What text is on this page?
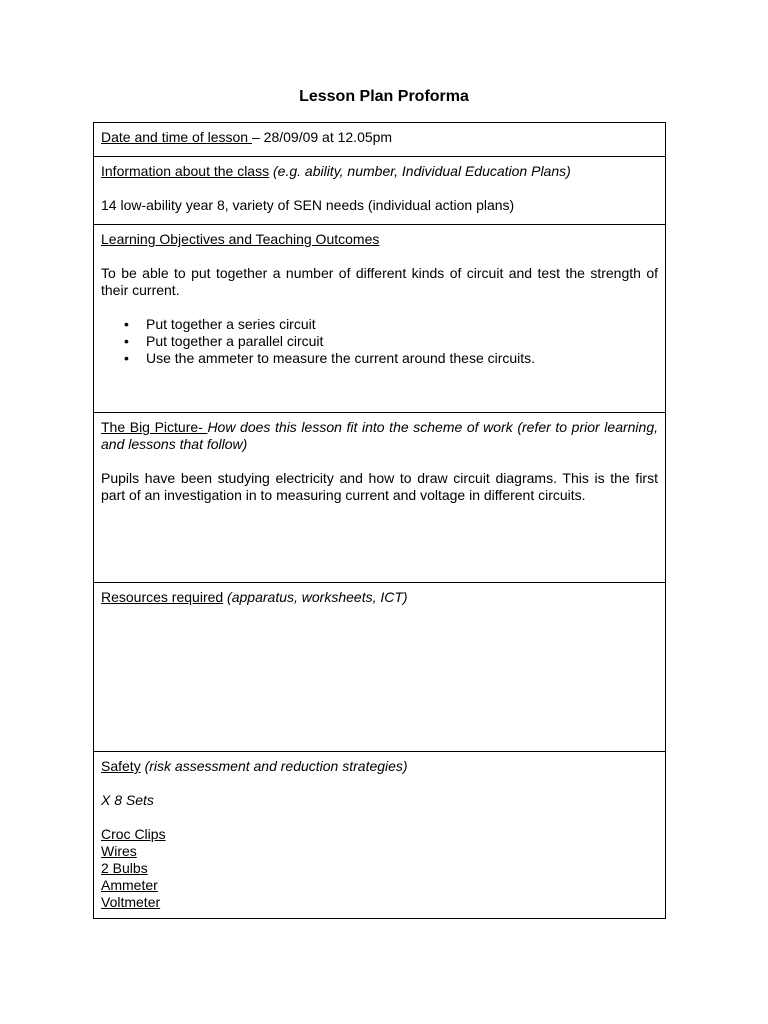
Lesson Plan Proforma
Date and time of lesson – 28/09/09 at 12.05pm
Information about the class (e.g. ability, number, Individual Education Plans)
14 low-ability year 8, variety of SEN needs (individual action plans)
Learning Objectives and Teaching Outcomes

To be able to put together a number of different kinds of circuit and test the strength of their current.

• Put together a series circuit
• Put together a parallel circuit
• Use the ammeter to measure the current around these circuits.

The Big Picture- How does this lesson fit into the scheme of work (refer to prior learning, and lessons that follow)

Pupils have been studying electricity and how to draw circuit diagrams. This is the first part of an investigation in to measuring current and voltage in different circuits.

Resources required (apparatus, worksheets, ICT)
Safety (risk assessment and reduction strategies)
X 8 Sets
Croc Clips
Wires
2 Bulbs
Ammeter
Voltmeter
